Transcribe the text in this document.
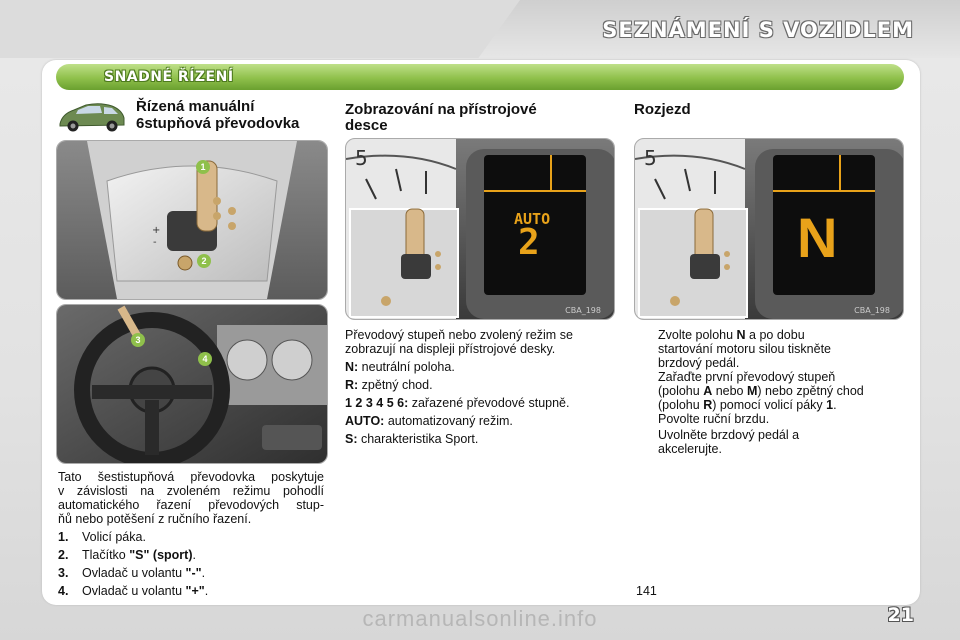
SEZNÁMENÍ S VOZIDLEM
SNADNÉ ŘÍZENÍ
Řízená manuální
6stupňová převodovka
+
-
1
2
3
4
Tato šestistupňová převodovka poskytuje
v závislosti na zvoleném režimu pohodlí
automatického řazení převodových stup-
ňů nebo potěšení z ručního řazení.
1. Volicí páka.
2. Tlačítko "S" (sport).
3. Ovladač u volantu "-".
4. Ovladač u volantu "+".
Zobrazování na přístrojové
desce
CBA_198
5
AUTO
2
Převodový stupeň nebo zvolený režim se
zobrazují na displeji přístrojové desky.
N: neutrální poloha.
R: zpětný chod.
1 2 3 4 5 6: zařazené převodové stupně.
AUTO: automatizovaný režim.
S: charakteristika Sport.
Rozjezd
CBA_198
5
N
Zvolte polohu N a po dobu
startování motoru silou tiskněte
brzdový pedál.
Zařaďte první převodový stupeň
(polohu A nebo M) nebo zpětný chod
(polohu R) pomocí volicí páky 1.
Povolte ruční brzdu.
Uvolněte brzdový pedál a
akcelerujte.
141
21
carmanualsonline.info
